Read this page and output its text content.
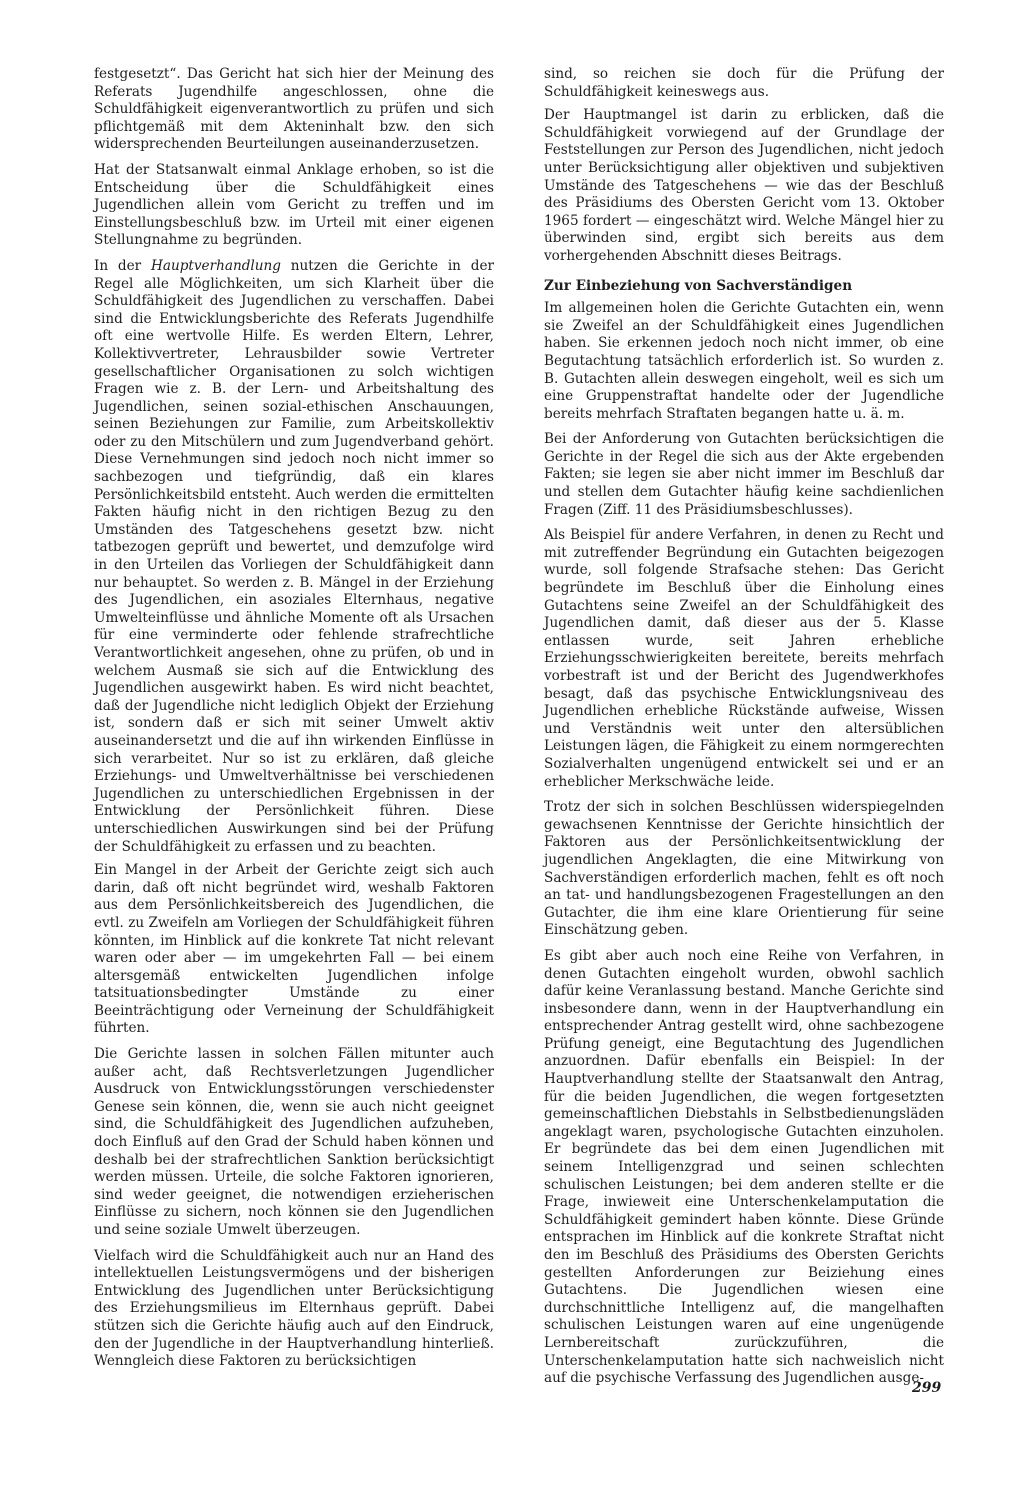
festgesetzt“. Das Gericht hat sich hier der Meinung des Referats Jugendhilfe angeschlossen, ohne die Schuldfähigkeit eigenverantwortlich zu prüfen und sich pflichtgemäß mit dem Akteninhalt bzw. den sich widersprechenden Beurteilungen auseinanderzusetzen.

Hat der Statsanwalt einmal Anklage erhoben, so ist die Entscheidung über die Schuldfähigkeit eines Jugendlichen allein vom Gericht zu treffen und im Einstellungsbeschluß bzw. im Urteil mit einer eigenen Stellungnahme zu begründen.

In der Hauptverhandlung nutzen die Gerichte in der Regel alle Möglichkeiten, um sich Klarheit über die Schuldfähigkeit des Jugendlichen zu verschaffen. Dabei sind die Entwicklungsberichte des Referats Jugendhilfe oft eine wertvolle Hilfe. Es werden Eltern, Lehrer, Kollektivvertreter, Lehrausbilder sowie Vertreter gesellschaftlicher Organisationen zu solch wichtigen Fragen wie z. B. der Lern- und Arbeitshaltung des Jugendlichen, seinen sozial-ethischen Anschauungen, seinen Beziehungen zur Familie, zum Arbeitskollektiv oder zu den Mitschülern und zum Jugendverband gehört. Diese Vernehmungen sind jedoch noch nicht immer so sachbezogen und tiefgründig, daß ein klares Persönlichkeitsbild entsteht. Auch werden die ermittelten Fakten häufig nicht in den richtigen Bezug zu den Umständen des Tatgeschehens gesetzt bzw. nicht tatbezogen geprüft und bewertet, und demzufolge wird in den Urteilen das Vorliegen der Schuldfähigkeit dann nur behauptet. So werden z. B. Mängel in der Erziehung des Jugendlichen, ein asoziales Elternhaus, negative Umwelteinflüsse und ähnliche Momente oft als Ursachen für eine verminderte oder fehlende strafrechtliche Verantwortlichkeit angesehen, ohne zu prüfen, ob und in welchem Ausmaß sie sich auf die Entwicklung des Jugendlichen ausgewirkt haben. Es wird nicht beachtet, daß der Jugendliche nicht lediglich Objekt der Erziehung ist, sondern daß er sich mit seiner Umwelt aktiv auseinandersetzt und die auf ihn wirkenden Einflüsse in sich verarbeitet. Nur so ist zu erklären, daß gleiche Erziehungs- und Umweltverhältnisse bei verschiedenen Jugendlichen zu unterschiedlichen Ergebnissen in der Entwicklung der Persönlichkeit führen. Diese unterschiedlichen Auswirkungen sind bei der Prüfung der Schuldfähigkeit zu erfassen und zu beachten.

Ein Mangel in der Arbeit der Gerichte zeigt sich auch darin, daß oft nicht begründet wird, weshalb Faktoren aus dem Persönlichkeitsbereich des Jugendlichen, die evtl. zu Zweifeln am Vorliegen der Schuldfähigkeit führen könnten, im Hinblick auf die konkrete Tat nicht relevant waren oder aber — im umgekehrten Fall — bei einem altersgemäß entwickelten Jugendlichen infolge tatsituationsbedingter Umstände zu einer Beeinträchtigung oder Verneinung der Schuldfähigkeit führten.

Die Gerichte lassen in solchen Fällen mitunter auch außer acht, daß Rechtsverletzungen Jugendlicher Ausdruck von Entwicklungsstörungen verschiedenster Genese sein können, die, wenn sie auch nicht geeignet sind, die Schuldfähigkeit des Jugendlichen aufzuheben, doch Einfluß auf den Grad der Schuld haben können und deshalb bei der strafrechtlichen Sanktion berücksichtigt werden müssen. Urteile, die solche Faktoren ignorieren, sind weder geeignet, die notwendigen erzieherischen Einflüsse zu sichern, noch können sie den Jugendlichen und seine soziale Umwelt überzeugen.

Vielfach wird die Schuldfähigkeit auch nur an Hand des intellektuellen Leistungsvermögens und der bisherigen Entwicklung des Jugendlichen unter Berücksichtigung des Erziehungsmilieus im Elternhaus geprüft. Dabei stützen sich die Gerichte häufig auch auf den Eindruck, den der Jugendliche in der Hauptverhandlung hinterließ. Wenngleich diese Faktoren zu berücksichtigen

sind, so reichen sie doch für die Prüfung der Schuldfähigkeit keineswegs aus.

Der Hauptmangel ist darin zu erblicken, daß die Schuldfähigkeit vorwiegend auf der Grundlage der Feststellungen zur Person des Jugendlichen, nicht jedoch unter Berücksichtigung aller objektiven und subjektiven Umstände des Tatgeschehens — wie das der Beschluß des Präsidiums des Obersten Gericht vom 13. Oktober 1965 fordert — eingeschätzt wird. Welche Mängel hier zu überwinden sind, ergibt sich bereits aus dem vorhergehenden Abschnitt dieses Beitrags.

Zur Einbeziehung von Sachverständigen

Im allgemeinen holen die Gerichte Gutachten ein, wenn sie Zweifel an der Schuldfähigkeit eines Jugendlichen haben. Sie erkennen jedoch noch nicht immer, ob eine Begutachtung tatsächlich erforderlich ist. So wurden z. B. Gutachten allein deswegen eingeholt, weil es sich um eine Gruppenstraftat handelte oder der Jugendliche bereits mehrfach Straftaten begangen hatte u. ä. m.

Bei der Anforderung von Gutachten berücksichtigen die Gerichte in der Regel die sich aus der Akte ergebenden Fakten; sie legen sie aber nicht immer im Beschluß dar und stellen dem Gutachter häufig keine sachdienlichen Fragen (Ziff. 11 des Präsidiumsbeschlusses).

Als Beispiel für andere Verfahren, in denen zu Recht und mit zutreffender Begründung ein Gutachten beigezogen wurde, soll folgende Strafsache stehen: Das Gericht begründete im Beschluß über die Einholung eines Gutachtens seine Zweifel an der Schuldfähigkeit des Jugendlichen damit, daß dieser aus der 5. Klasse entlassen wurde, seit Jahren erhebliche Erziehungsschwierigkeiten bereitete, bereits mehrfach vorbestraft ist und der Bericht des Jugendwerkhofes besagt, daß das psychische Entwicklungsniveau des Jugendlichen erhebliche Rückstände aufweise, Wissen und Verständnis weit unter den altersüblichen Leistungen lägen, die Fähigkeit zu einem normgerechten Sozialverhalten ungenügend entwickelt sei und er an erheblicher Merkschwäche leide.

Trotz der sich in solchen Beschlüssen widerspiegelnden gewachsenen Kenntnisse der Gerichte hinsichtlich der Faktoren aus der Persönlichkeitsentwicklung der jugendlichen Angeklagten, die eine Mitwirkung von Sachverständigen erforderlich machen, fehlt es oft noch an tat- und handlungsbezogenen Fragestellungen an den Gutachter, die ihm eine klare Orientierung für seine Einschätzung geben.

Es gibt aber auch noch eine Reihe von Verfahren, in denen Gutachten eingeholt wurden, obwohl sachlich dafür keine Veranlassung bestand. Manche Gerichte sind insbesondere dann, wenn in der Hauptverhandlung ein entsprechender Antrag gestellt wird, ohne sachbezogene Prüfung geneigt, eine Begutachtung des Jugendlichen anzuordnen. Dafür ebenfalls ein Beispiel: In der Hauptverhandlung stellte der Staatsanwalt den Antrag, für die beiden Jugendlichen, die wegen fortgesetzten gemeinschaftlichen Diebstahls in Selbstbedienungsläden angeklagt waren, psychologische Gutachten einzuholen. Er begründete das bei dem einen Jugendlichen mit seinem Intelligenzgrad und seinen schlechten schulischen Leistungen; bei dem anderen stellte er die Frage, inwieweit eine Unterschenkelamputation die Schuldfähigkeit gemindert haben könnte. Diese Gründe entsprachen im Hinblick auf die konkrete Straftat nicht den im Beschluß des Präsidiums des Obersten Gerichts gestellten Anforderungen zur Beiziehung eines Gutachtens. Die Jugendlichen wiesen eine durchschnittliche Intelligenz auf, die mangelhaften schulischen Leistungen waren auf eine ungenügende Lernbereitschaft zurückzuführen, die Unterschenkelamputation hatte sich nachweislich nicht auf die psychische Verfassung des Jugendlichen ausge-

299
